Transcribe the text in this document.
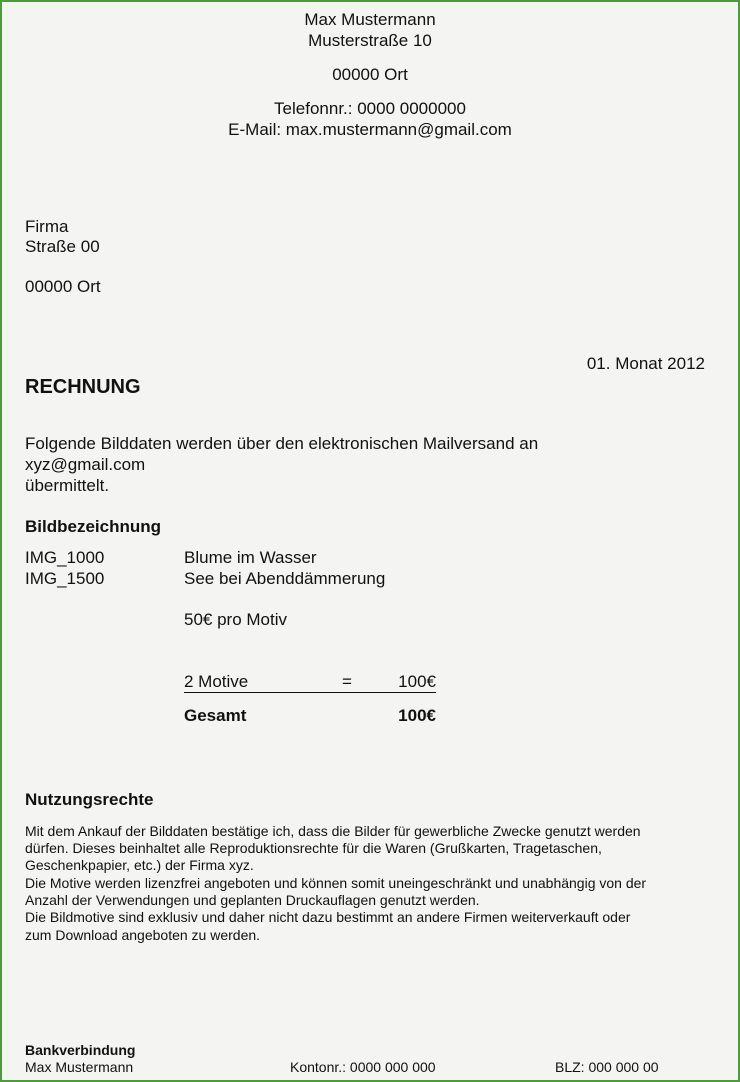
Max Mustermann
Musterstraße 10
00000 Ort
Telefonnr.: 0000 0000000
E-Mail: max.mustermann@gmail.com
Firma
Straße 00
00000 Ort
01. Monat 2012
RECHNUNG
Folgende Bilddaten werden über den elektronischen Mailversand an
xyz@gmail.com
übermittelt.
Bildbezeichnung
IMG_1000	Blume im Wasser
IMG_1500	See bei Abenddämmerung
50€ pro Motiv
2 Motive	=	100€
Gesamt	100€
Nutzungsrechte
Mit dem Ankauf der Bilddaten bestätige ich, dass die Bilder für gewerbliche Zwecke genutzt werden
dürfen. Dieses beinhaltet alle Reproduktionsrechte für die Waren (Grußkarten, Tragetaschen,
Geschenkpapier, etc.) der Firma xyz.
Die Motive werden lizenzfrei angeboten und können somit uneingeschränkt und unabhängig von der
Anzahl der Verwendungen und geplanten Druckauflagen genutzt werden.
Die Bildmotive sind exklusiv und daher nicht dazu bestimmt an andere Firmen weiterverkauft oder
zum Download angeboten zu werden.
Bankverbindung
Max Mustermann	Kontonr.: 0000 000 000	BLZ: 000 000 00
